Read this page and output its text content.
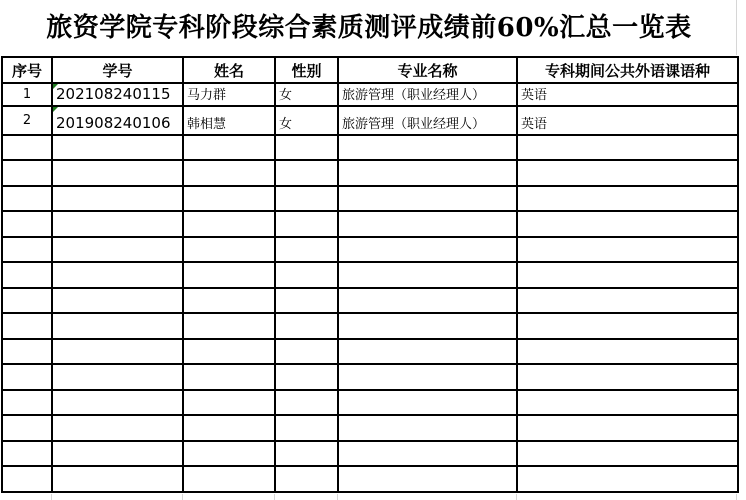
旅资学院专科阶段综合素质测评成绩前60%汇总一览表
序号	学号	姓名	性别	专业名称	专科期间公共外语课语种
1	202108240115	马力群	女	旅游管理（职业经理人）	英语
2	201908240106	韩相慧	女	旅游管理（职业经理人）	英语
